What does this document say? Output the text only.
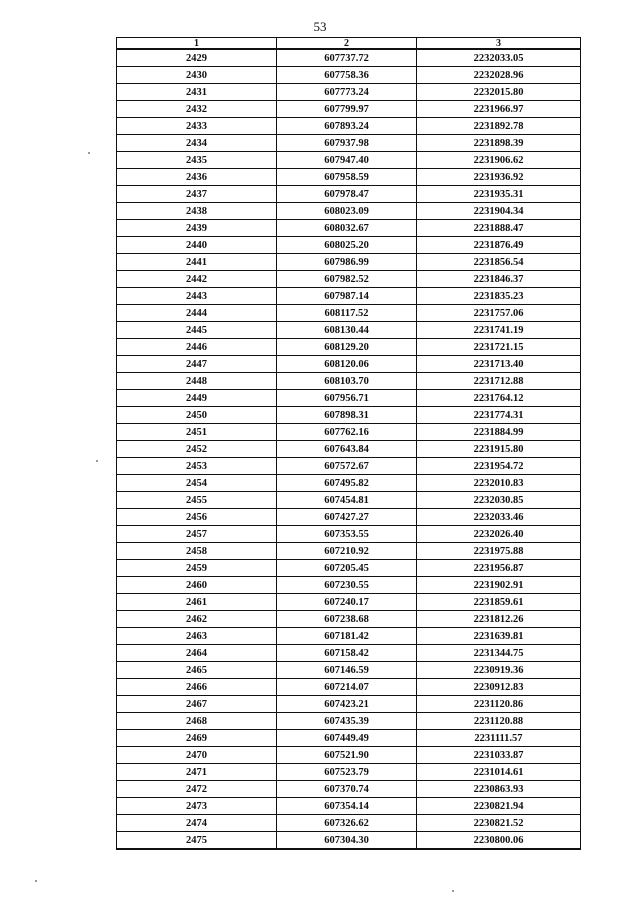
53
1	2	3
2429	607737.72	2232033.05
2430	607758.36	2232028.96
2431	607773.24	2232015.80
2432	607799.97	2231966.97
2433	607893.24	2231892.78
2434	607937.98	2231898.39
2435	607947.40	2231906.62
2436	607958.59	2231936.92
2437	607978.47	2231935.31
2438	608023.09	2231904.34
2439	608032.67	2231888.47
2440	608025.20	2231876.49
2441	607986.99	2231856.54
2442	607982.52	2231846.37
2443	607987.14	2231835.23
2444	608117.52	2231757.06
2445	608130.44	2231741.19
2446	608129.20	2231721.15
2447	608120.06	2231713.40
2448	608103.70	2231712.88
2449	607956.71	2231764.12
2450	607898.31	2231774.31
2451	607762.16	2231884.99
2452	607643.84	2231915.80
2453	607572.67	2231954.72
2454	607495.82	2232010.83
2455	607454.81	2232030.85
2456	607427.27	2232033.46
2457	607353.55	2232026.40
2458	607210.92	2231975.88
2459	607205.45	2231956.87
2460	607230.55	2231902.91
2461	607240.17	2231859.61
2462	607238.68	2231812.26
2463	607181.42	2231639.81
2464	607158.42	2231344.75
2465	607146.59	2230919.36
2466	607214.07	2230912.83
2467	607423.21	2231120.86
2468	607435.39	2231120.88
2469	607449.49	2231111.57
2470	607521.90	2231033.87
2471	607523.79	2231014.61
2472	607370.74	2230863.93
2473	607354.14	2230821.94
2474	607326.62	2230821.52
2475	607304.30	2230800.06
